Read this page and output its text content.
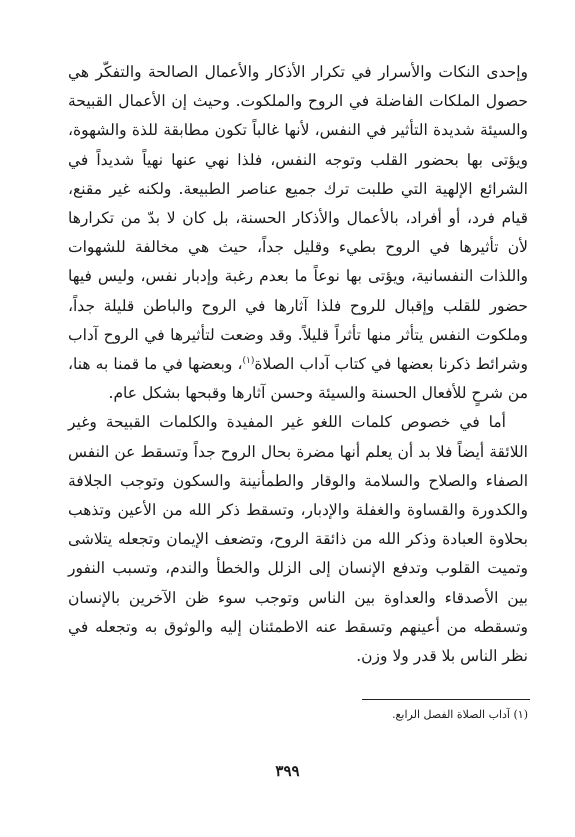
وإحدى النكات والأسرار في تكرار الأذكار والأعمال الصالحة والتفكّر هي حصول الملكات الفاضلة في الروح والملكوت. وحيث إن الأعمال القبيحة والسيئة شديدة التأثير في النفس، لأنها غالباً تكون مطابقة للذة والشهوة، ويؤتى بها بحضور القلب وتوجه النفس، فلذا نهي عنها نهياً شديداً في الشرائع الإلهية التي طلبت ترك جميع عناصر الطبيعة. ولكنه غير مقنع، قيام فرد، أو أفراد، بالأعمال والأذكار الحسنة، بل كان لا بدّ من تكرارها لأن تأثيرها في الروح بطيء وقليل جداً، حيث هي مخالفة للشهوات واللذات النفسانية، ويؤتى بها نوعاً ما بعدم رغبة وإدبار نفس، وليس فيها حضور للقلب وإقبال للروح فلذا آثارها في الروح والباطن قليلة جداً، وملكوت النفس يتأثر منها تأثراً قليلاً. وقد وضعت لتأثيرها في الروح آداب وشرائط ذكرنا بعضها في كتاب آداب الصلاة$^{(١)}$، وبعضها في ما قمنا به هنا، من شرحٍ للأفعال الحسنة والسيئة وحسن آثارها وقبحها بشكل عام.

أما في خصوص كلمات اللغو غير المفيدة والكلمات القبيحة وغير اللائقة أيضاً فلا بد أن يعلم أنها مضرة بحال الروح جداً وتسقط عن النفس الصفاء والصلاح والسلامة والوقار والطمأنينة والسكون وتوجب الجلافة والكدورة والقساوة والغفلة والإدبار، وتسقط ذكر الله من الأعين وتذهب بحلاوة العبادة وذكر الله من ذائقة الروح، وتضعف الإيمان وتجعله يتلاشى وتميت القلوب وتدفع الإنسان إلى الزلل والخطأ والندم، وتسبب النفور بين الأصدقاء والعداوة بين الناس وتوجب سوء ظن الآخرين بالإنسان وتسقطه من أعينهم وتسقط عنه الاطمئنان إليه والوثوق به وتجعله في نظر الناس بلا قدر ولا وزن.

(١) آداب الصلاة الفصل الرابع.
٣٩٩
